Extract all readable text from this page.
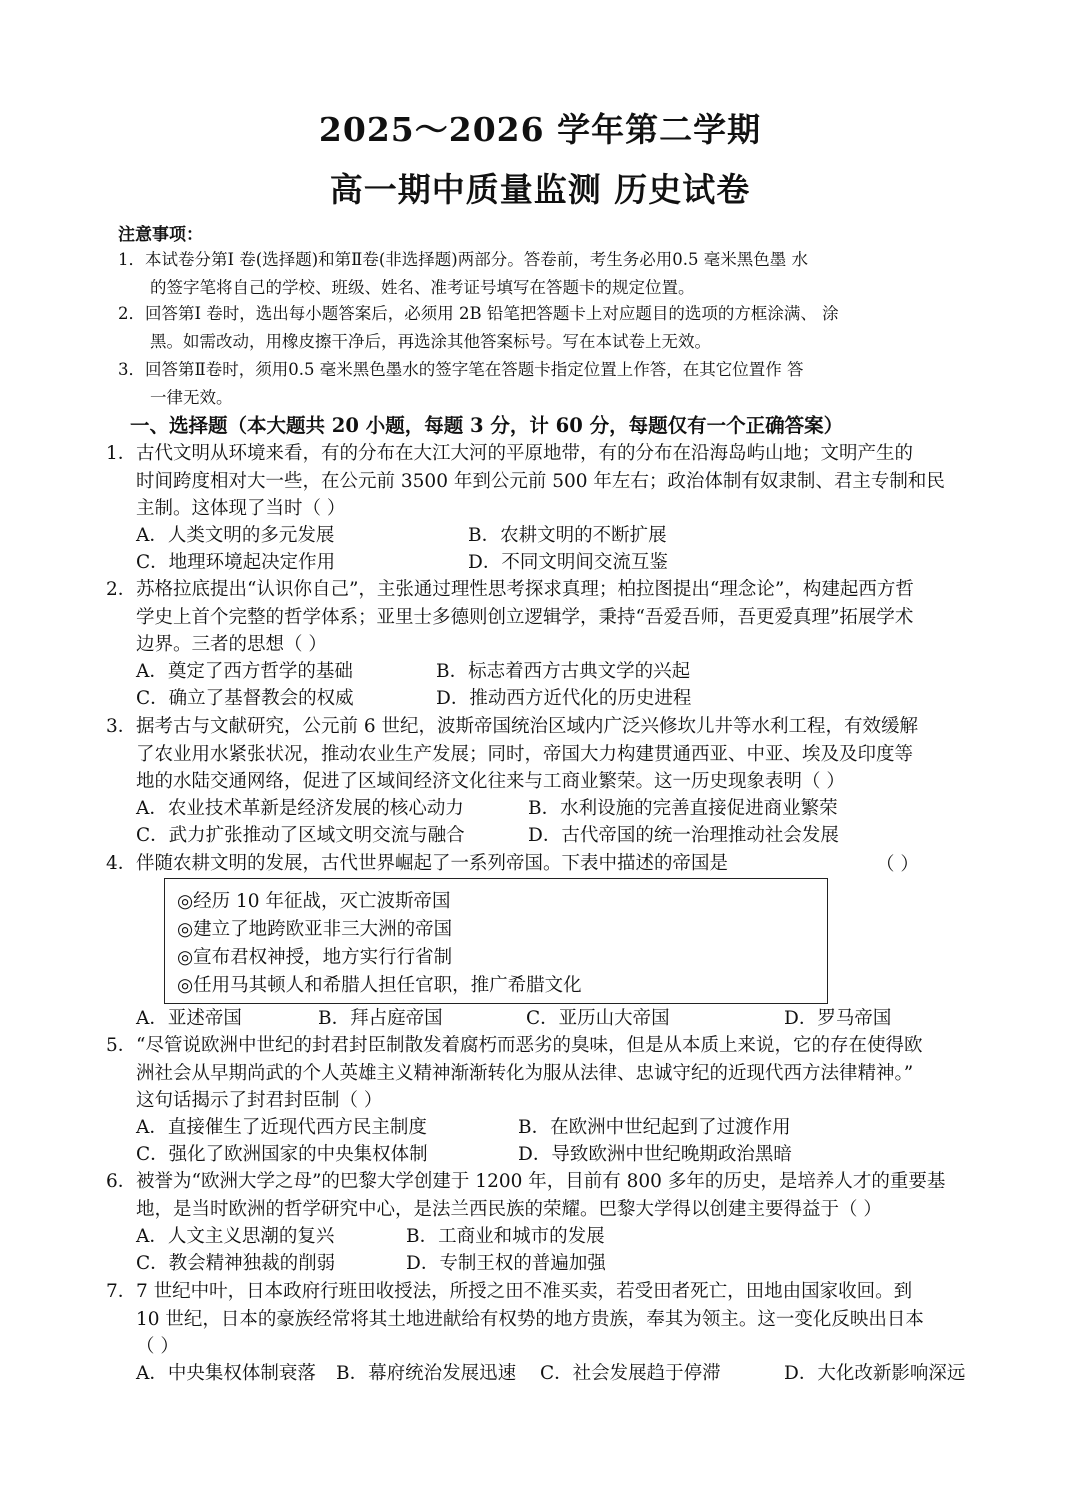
2025～2026 学年第二学期
高一期中质量监测 历史试卷
注意事项：
1．本试卷分第Ⅰ 卷(选择题)和第Ⅱ卷(非选择题)两部分。答卷前，考生务必用0.5 毫米黑色墨 水
的签字笔将自己的学校、班级、姓名、准考证号填写在答题卡的规定位置。
2．回答第Ⅰ 卷时，选出每小题答案后，必须用 2B 铅笔把答题卡上对应题目的选项的方框涂满、 涂
黑。如需改动，用橡皮擦干净后，再选涂其他答案标号。写在本试卷上无效。
3．回答第Ⅱ卷时，须用0.5 毫米黑色墨水的签字笔在答题卡指定位置上作答，在其它位置作 答
一律无效。
一、选择题（本大题共 20 小题，每题 3 分，计 60 分，每题仅有一个正确答案）
1．古代文明从环境来看，有的分布在大江大河的平原地带，有的分布在沿海岛屿山地；文明产生的
时间跨度相对大一些，在公元前 3500 年到公元前 500 年左右；政治体制有奴隶制、君主专制和民
主制。这体现了当时（ ）
A．人类文明的多元发展	B．农耕文明的不断扩展
C．地理环境起决定作用	D．不同文明间交流互鉴
2．苏格拉底提出“认识你自己”，主张通过理性思考探求真理；柏拉图提出“理念论”，构建起西方哲
学史上首个完整的哲学体系；亚里士多德则创立逻辑学，秉持“吾爱吾师，吾更爱真理”拓展学术
边界。三者的思想（ ）
A．奠定了西方哲学的基础	B．标志着西方古典文学的兴起
C．确立了基督教会的权威	D．推动西方近代化的历史进程
3．据考古与文献研究，公元前 6 世纪，波斯帝国统治区域内广泛兴修坎儿井等水利工程，有效缓解
了农业用水紧张状况，推动农业生产发展；同时，帝国大力构建贯通西亚、中亚、埃及及印度等
地的水陆交通网络，促进了区域间经济文化往来与工商业繁荣。这一历史现象表明（ ）
A．农业技术革新是经济发展的核心动力	B．水利设施的完善直接促进商业繁荣
C．武力扩张推动了区域文明交流与融合	D．古代帝国的统一治理推动社会发展
4．伴随农耕文明的发展，古代世界崛起了一系列帝国。下表中描述的帝国是	（ ）
◎经历 10 年征战，灭亡波斯帝国
◎建立了地跨欧亚非三大洲的帝国
◎宣布君权神授，地方实行行省制
◎任用马其顿人和希腊人担任官职，推广希腊文化
A．亚述帝国	B．拜占庭帝国	C．亚历山大帝国	D．罗马帝国
5．“尽管说欧洲中世纪的封君封臣制散发着腐朽而恶劣的臭味，但是从本质上来说，它的存在使得欧
洲社会从早期尚武的个人英雄主义精神渐渐转化为服从法律、忠诚守纪的近现代西方法律精神。”
这句话揭示了封君封臣制（ ）
A．直接催生了近现代西方民主制度	B．在欧洲中世纪起到了过渡作用
C．强化了欧洲国家的中央集权体制	D．导致欧洲中世纪晚期政治黑暗
6．被誉为“欧洲大学之母”的巴黎大学创建于 1200 年，目前有 800 多年的历史，是培养人才的重要基
地，是当时欧洲的哲学研究中心，是法兰西民族的荣耀。巴黎大学得以创建主要得益于（ ）
A．人文主义思潮的复兴	B．工商业和城市的发展
C．教会精神独裁的削弱	D．专制王权的普遍加强
7．7 世纪中叶，日本政府行班田收授法，所授之田不准买卖，若受田者死亡，田地由国家收回。到
10 世纪，日本的豪族经常将其土地进献给有权势的地方贵族，奉其为领主。这一变化反映出日本
（ ）
A．中央集权体制衰落 B．幕府统治发展迅速 C．社会发展趋于停滞	D．大化改新影响深远
